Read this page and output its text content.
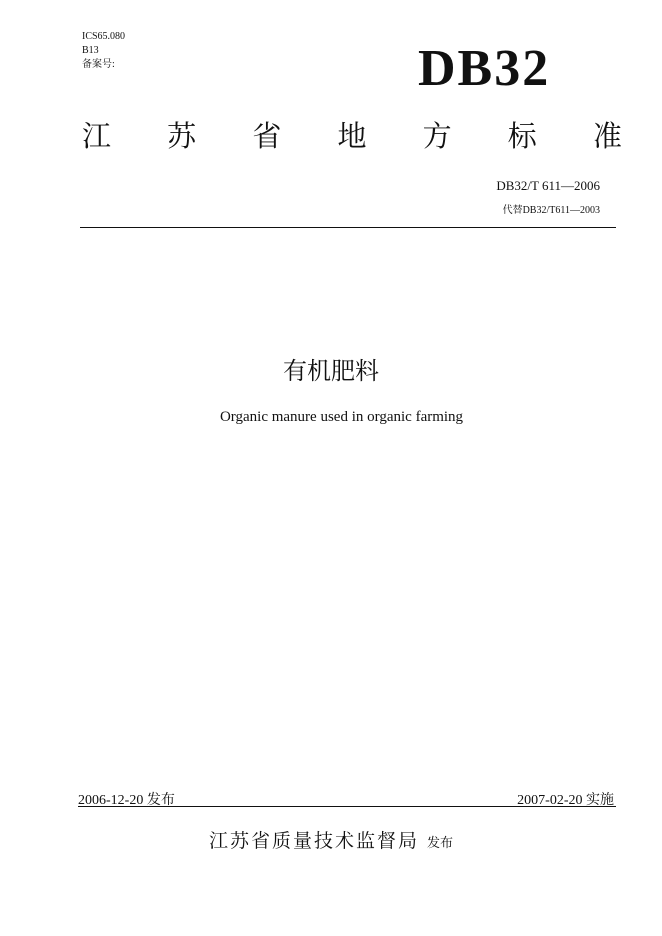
ICS65.080
B13
备案号:	DB32
江 苏 省 地 方 标 准
DB32/T 611—2006
代替DB32/T611—2003
有机肥料
Organic manure used in organic farming
2006-12-20 发布	2007-02-20 实施
江苏省质量技术监督局 发布
